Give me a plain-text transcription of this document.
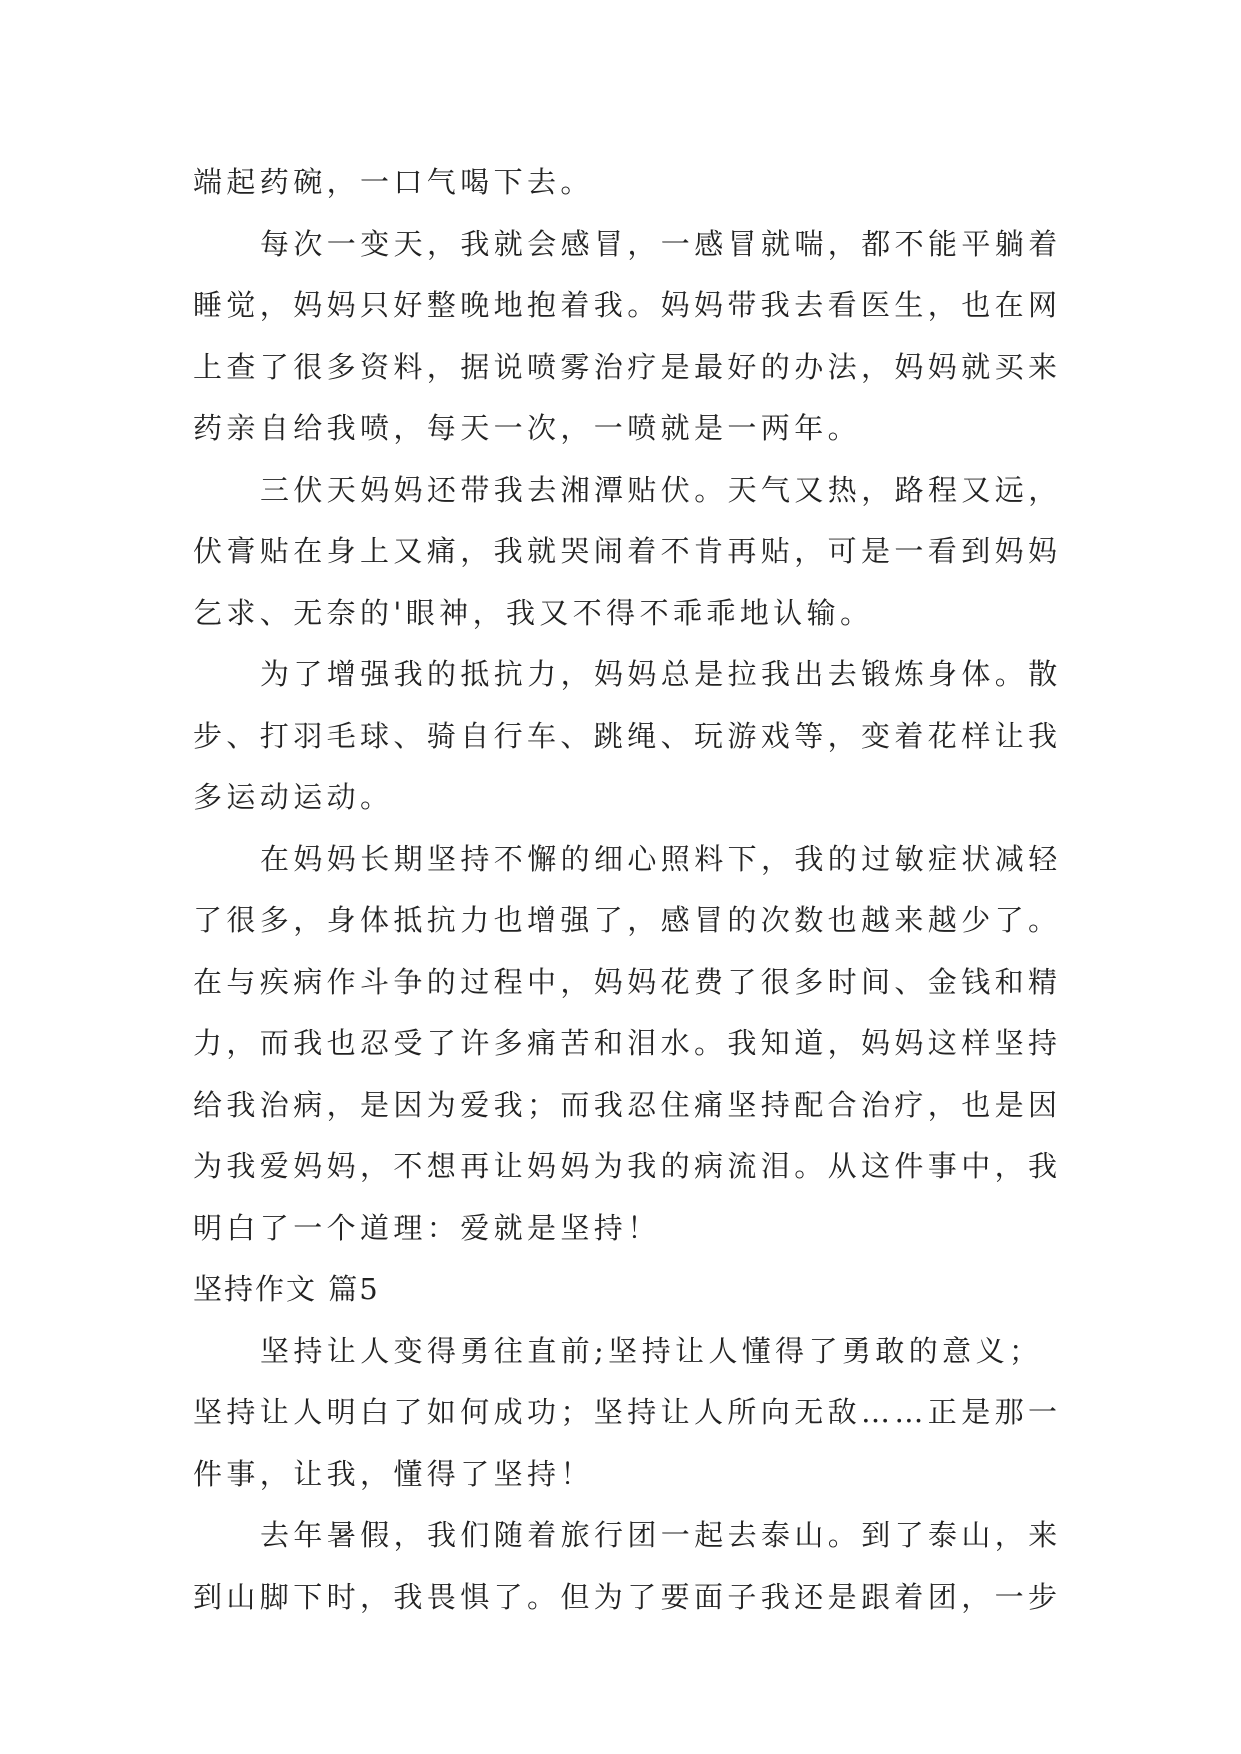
端起药碗，一口气喝下去。
每次一变天，我就会感冒，一感冒就喘，都不能平躺着
睡觉，妈妈只好整晚地抱着我。妈妈带我去看医生，也在网
上查了很多资料，据说喷雾治疗是最好的办法，妈妈就买来
药亲自给我喷，每天一次，一喷就是一两年。
三伏天妈妈还带我去湘潭贴伏。天气又热，路程又远，
伏膏贴在身上又痛，我就哭闹着不肯再贴，可是一看到妈妈
乞求、无奈的'眼神，我又不得不乖乖地认输。
为了增强我的抵抗力，妈妈总是拉我出去锻炼身体。散
步、打羽毛球、骑自行车、跳绳、玩游戏等，变着花样让我
多运动运动。
在妈妈长期坚持不懈的细心照料下，我的过敏症状减轻
了很多，身体抵抗力也增强了，感冒的次数也越来越少了。
在与疾病作斗争的过程中，妈妈花费了很多时间、金钱和精
力，而我也忍受了许多痛苦和泪水。我知道，妈妈这样坚持
给我治病，是因为爱我；而我忍住痛坚持配合治疗，也是因
为我爱妈妈，不想再让妈妈为我的病流泪。从这件事中，我
明白了一个道理：爱就是坚持！
坚持作文 篇5
坚持让人变得勇往直前;坚持让人懂得了勇敢的意义；
坚持让人明白了如何成功；坚持让人所向无敌……正是那一
件事，让我，懂得了坚持！
去年暑假，我们随着旅行团一起去泰山。到了泰山，来
到山脚下时，我畏惧了。但为了要面子我还是跟着团，一步
